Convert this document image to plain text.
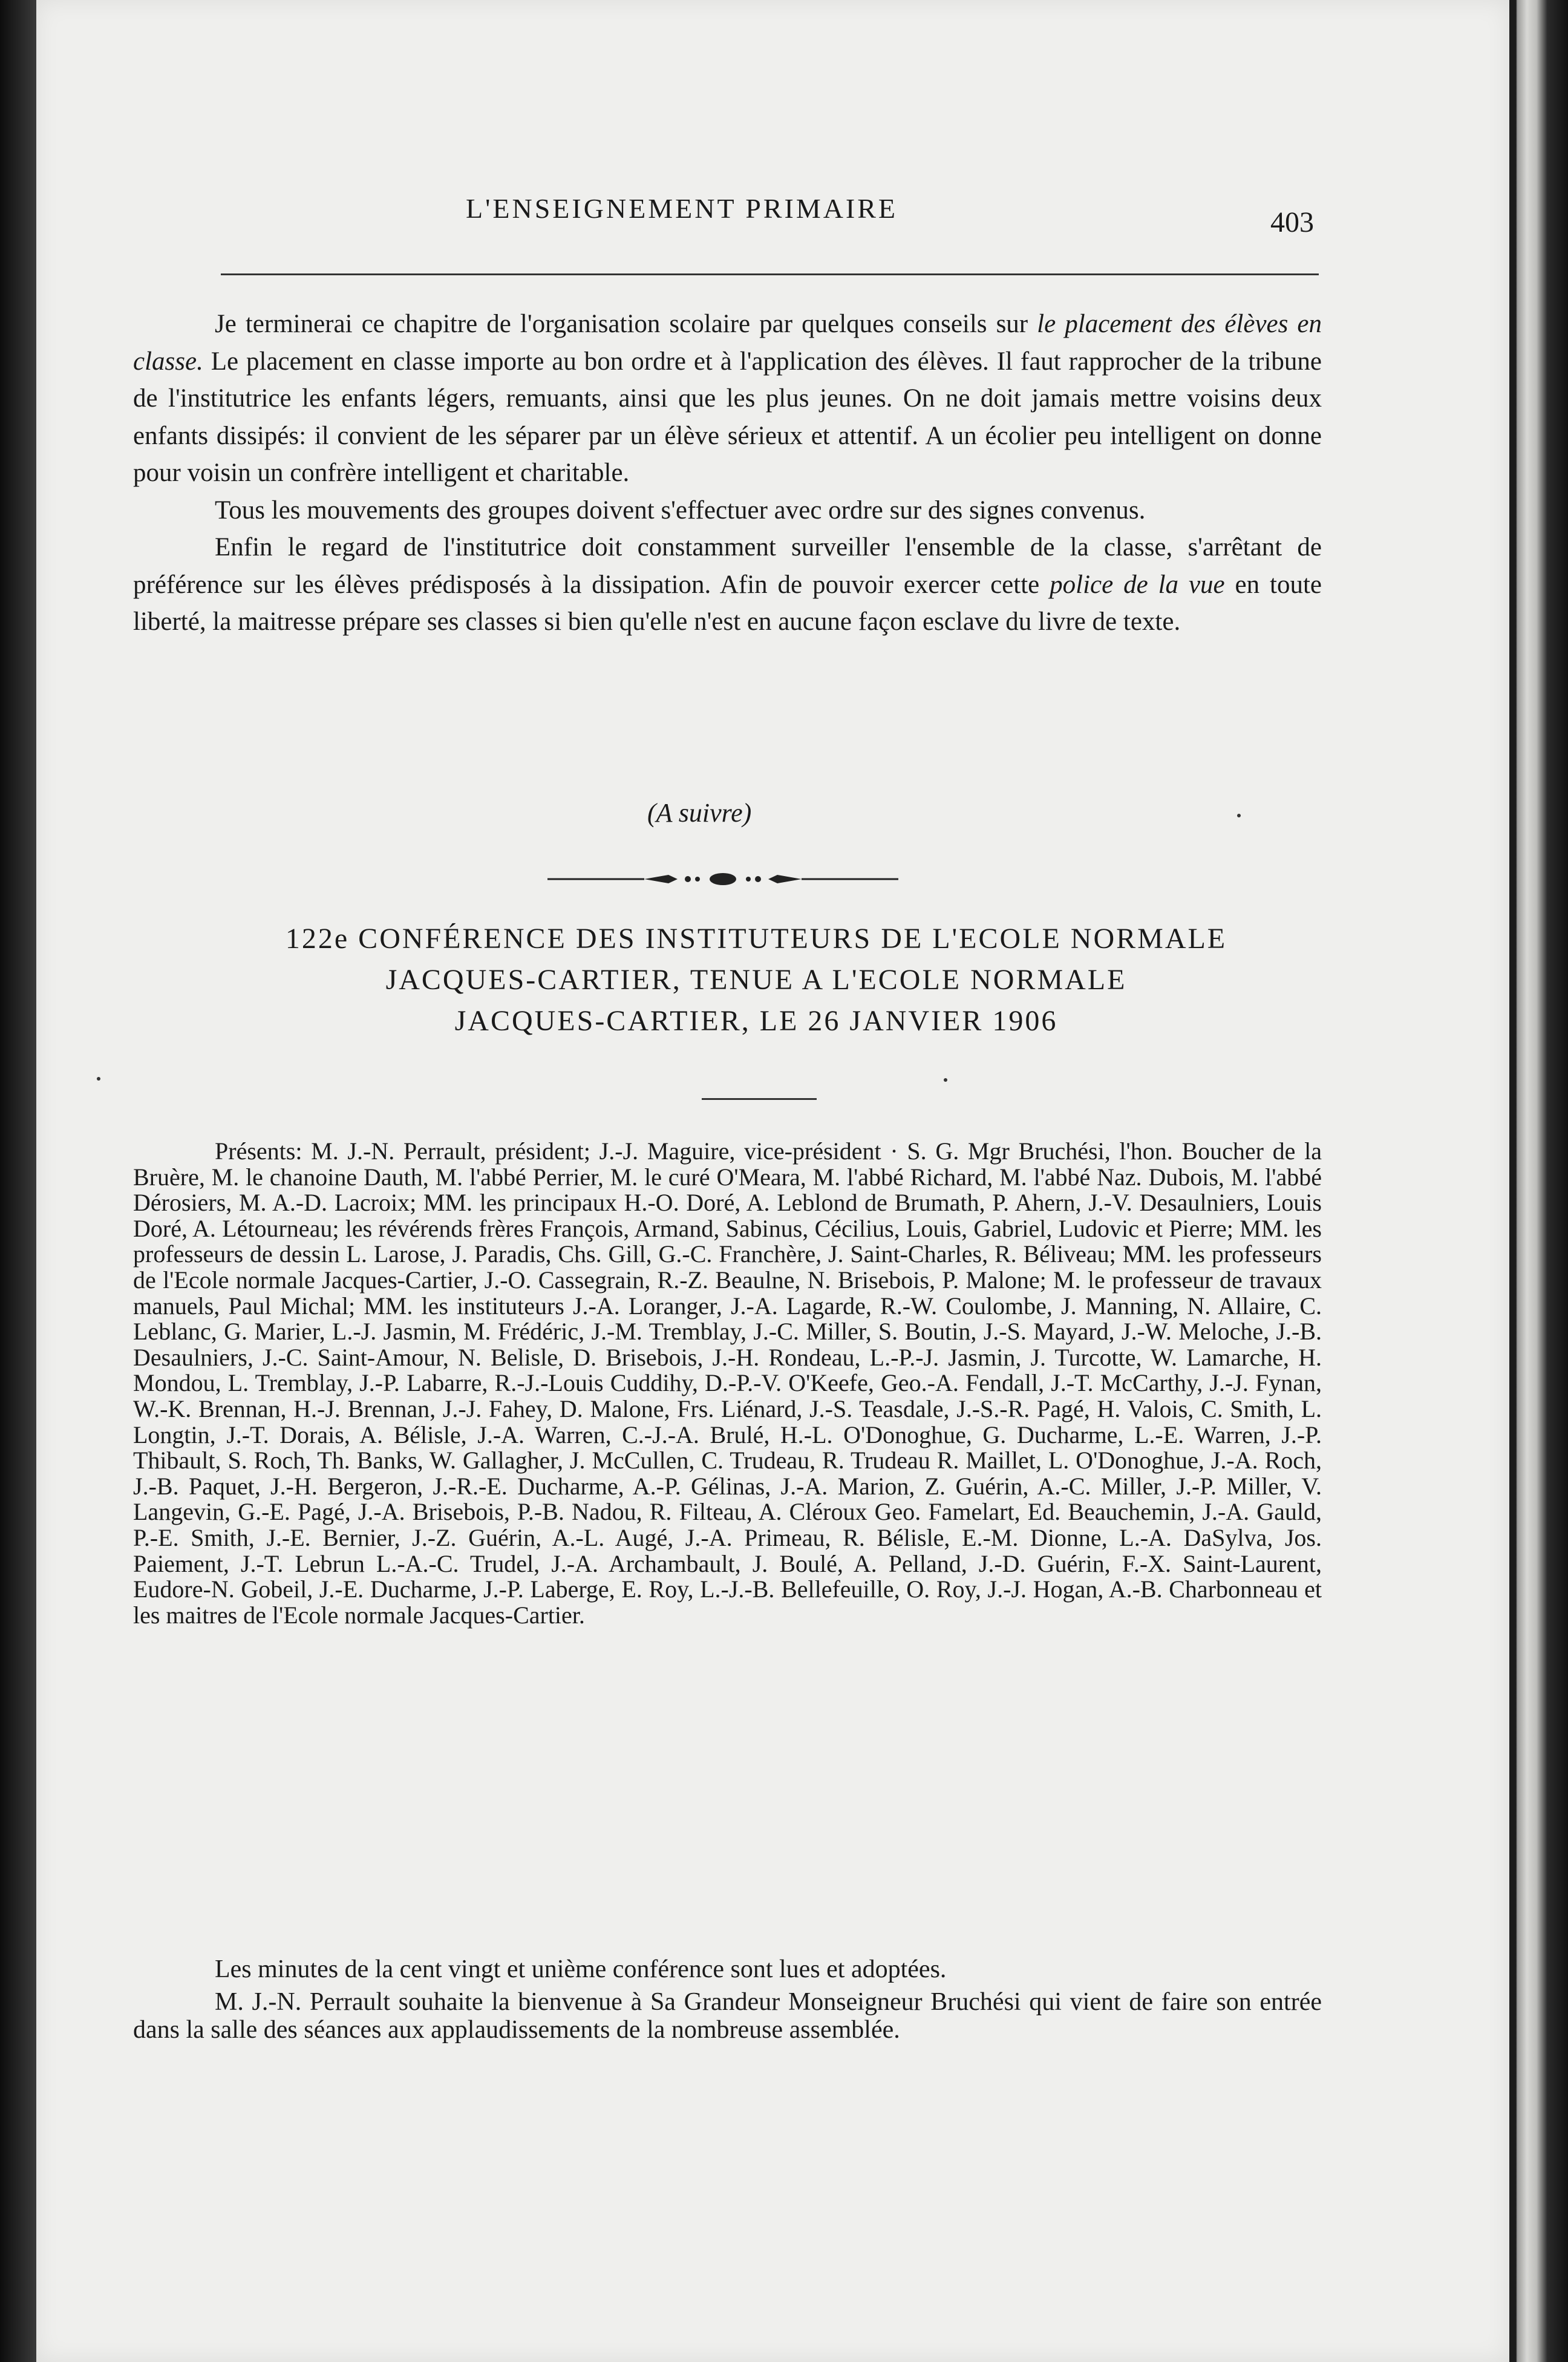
L'ENSEIGNEMENT PRIMAIRE	403

Je terminerai ce chapitre de l'organisation scolaire par quelques conseils sur le placement des élèves en classe. Le placement en classe importe au bon ordre et à l'application des élèves. Il faut rapprocher de la tribune de l'institutrice les enfants légers, remuants, ainsi que les plus jeunes. On ne doit jamais mettre voisins deux enfants dissipés: il convient de les séparer par un élève sérieux et attentif. A un écolier peu intelligent on donne pour voisin un confrère intelligent et charitable.

Tous les mouvements des groupes doivent s'effectuer avec ordre sur des signes convenus.

Enfin le regard de l'institutrice doit constamment surveiller l'ensemble de la classe, s'arrêtant de préférence sur les élèves prédisposés à la dissipation. Afin de pouvoir exercer cette police de la vue en toute liberté, la maitresse prépare ses classes si bien qu'elle n'est en aucune façon esclave du livre de texte.

(A suivre)
122e CONFÉRENCE DES INSTITUTEURS DE L'ECOLE NORMALE
JACQUES-CARTIER, TENUE A L'ECOLE NORMALE
JACQUES-CARTIER, LE 26 JANVIER 1906

Présents: M. J.-N. Perrault, président; J.-J. Maguire, vice-président · S. G. Mgr Bruchési, l'hon. Boucher de la Bruère, M. le chanoine Dauth, M. l'abbé Perrier, M. le curé O'Meara, M. l'abbé Richard, M. l'abbé Naz. Dubois, M. l'abbé Dérosiers, M. A.-D. Lacroix; MM. les principaux H.-O. Doré, A. Leblond de Brumath, P. Ahern, J.-V. Desaulniers, Louis Doré, A. Létourneau; les révérends frères François, Armand, Sabinus, Cécilius, Louis, Gabriel, Ludovic et Pierre; MM. les professeurs de dessin L. Larose, J. Paradis, Chs. Gill, G.-C. Franchère, J. Saint-Charles, R. Béliveau; MM. les professeurs de l'Ecole normale Jacques-Cartier, J.-O. Cassegrain, R.-Z. Beaulne, N. Brisebois, P. Malone; M. le professeur de travaux manuels, Paul Michal; MM. les instituteurs J.-A. Loranger, J.-A. Lagarde, R.-W. Coulombe, J. Manning, N. Allaire, C. Leblanc, G. Marier, L.-J. Jasmin, M. Frédéric, J.-M. Tremblay, J.-C. Miller, S. Boutin, J.-S. Mayard, J.-W. Meloche, J.-B. Desaulniers, J.-C. Saint-Amour, N. Belisle, D. Brisebois, J.-H. Rondeau, L.-P.-J. Jasmin, J. Turcotte, W. Lamarche, H. Mondou, L. Tremblay, J.-P. Labarre, R.-J.-Louis Cuddihy, D.-P.-V. O'Keefe, Geo.-A. Fendall, J.-T. McCarthy, J.-J. Fynan, W.-K. Brennan, H.-J. Brennan, J.-J. Fahey, D. Malone, Frs. Liénard, J.-S. Teasdale, J.-S.-R. Pagé, H. Valois, C. Smith, L. Longtin, J.-T. Dorais, A. Bélisle, J.-A. Warren, C.-J.-A. Brulé, H.-L. O'Donoghue, G. Ducharme, L.-E. Warren, J.-P. Thibault, S. Roch, Th. Banks, W. Gallagher, J. McCullen, C. Trudeau, R. Trudeau R. Maillet, L. O'Donoghue, J.-A. Roch, J.-B. Paquet, J.-H. Bergeron, J.-R.-E. Ducharme, A.-P. Gélinas, J.-A. Marion, Z. Guérin, A.-C. Miller, J.-P. Miller, V. Langevin, G.-E. Pagé, J.-A. Brisebois, P.-B. Nadou, R. Filteau, A. Cléroux Geo. Famelart, Ed. Beauchemin, J.-A. Gauld, P.-E. Smith, J.-E. Bernier, J.-Z. Guérin, A.-L. Augé, J.-A. Primeau, R. Bélisle, E.-M. Dionne, L.-A. DaSylva, Jos. Paiement, J.-T. Lebrun L.-A.-C. Trudel, J.-A. Archambault, J. Boulé, A. Pelland, J.-D. Guérin, F.-X. Saint-Laurent, Eudore-N. Gobeil, J.-E. Ducharme, J.-P. Laberge, E. Roy, L.-J.-B. Bellefeuille, O. Roy, J.-J. Hogan, A.-B. Charbonneau et les maitres de l'Ecole normale Jacques-Cartier.

Les minutes de la cent vingt et unième conférence sont lues et adoptées.

M. J.-N. Perrault souhaite la bienvenue à Sa Grandeur Monseigneur Bruchési qui vient de faire son entrée dans la salle des séances aux applaudissements de la nombreuse assemblée.
